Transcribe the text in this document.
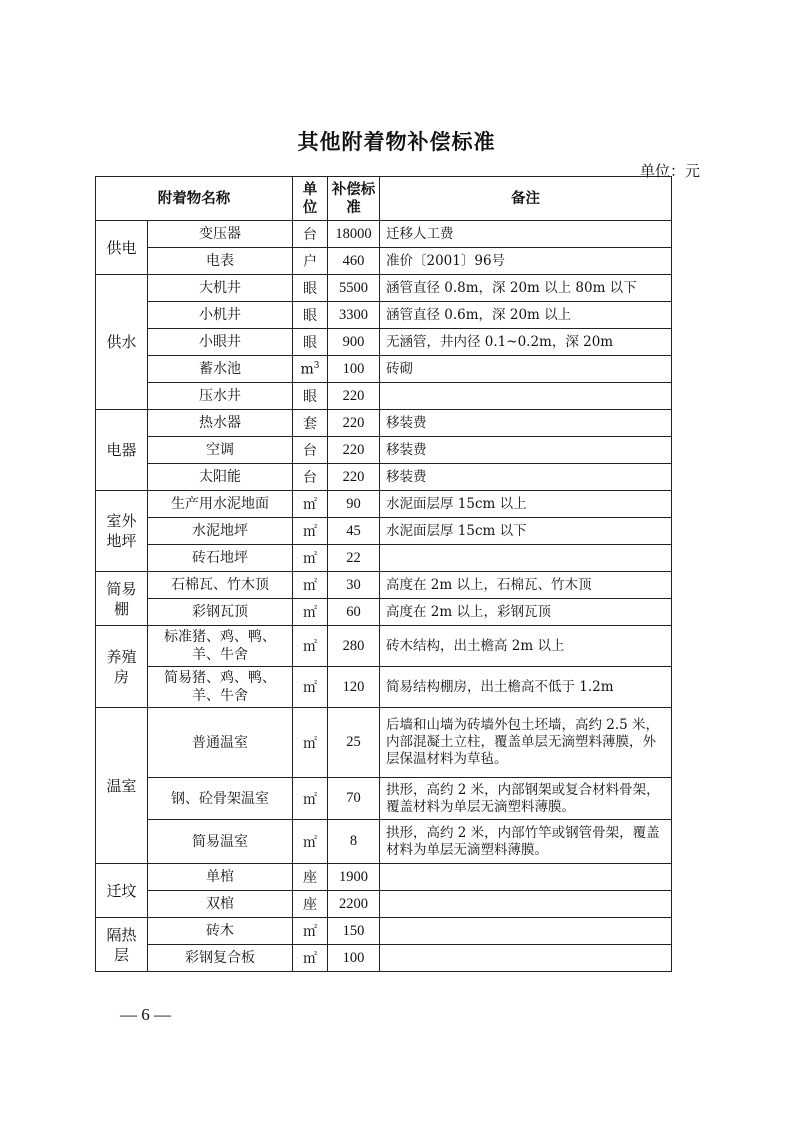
其他附着物补偿标准
单位：元
附着物名称		单位	补偿标准	备注
供电	变压器	台	18000	迁移人工费
	电表	户	460	准价〔2001〕96号
供水	大机井	眼	5500	涵管直径 0.8m，深 20m 以上 80m 以下
	小机井	眼	3300	涵管直径 0.6m，深 20m 以上
	小眼井	眼	900	无涵管，井内径 0.1~0.2m，深 20m
	蓄水池	$m^3$	100	砖砌
	压水井	眼	220	
电器	热水器	套	220	移装费
	空调	台	220	移装费
	太阳能	台	220	移装费
室外地坪	生产用水泥地面	㎡	90	水泥面层厚 15cm 以上
	水泥地坪	㎡	45	水泥面层厚 15cm 以下
	砖石地坪	㎡	22	
简易棚	石棉瓦、竹木顶	㎡	30	高度在 2m 以上，石棉瓦、竹木顶
	彩钢瓦顶	㎡	60	高度在 2m 以上，彩钢瓦顶
养殖房	标准猪、鸡、鸭、羊、牛舍	㎡	280	砖木结构，出土檐高 2m 以上
	简易猪、鸡、鸭、羊、牛舍	㎡	120	简易结构棚房，出土檐高不低于 1.2m
温室	普通温室	㎡	25	后墙和山墙为砖墙外包土坯墙，高约 2.5 米，内部混凝土立柱，覆盖单层无滴塑料薄膜，外层保温材料为草毡。
	钢、砼骨架温室	㎡	70	拱形，高约 2 米，内部钢架或复合材料骨架，覆盖材料为单层无滴塑料薄膜。
	简易温室	㎡	8	拱形，高约 2 米，内部竹竿或钢管骨架，覆盖材料为单层无滴塑料薄膜。
迁坟	单棺	座	1900	
	双棺	座	2200	
隔热层	砖木	㎡	150	
	彩钢复合板	㎡	100	
— 6 —
